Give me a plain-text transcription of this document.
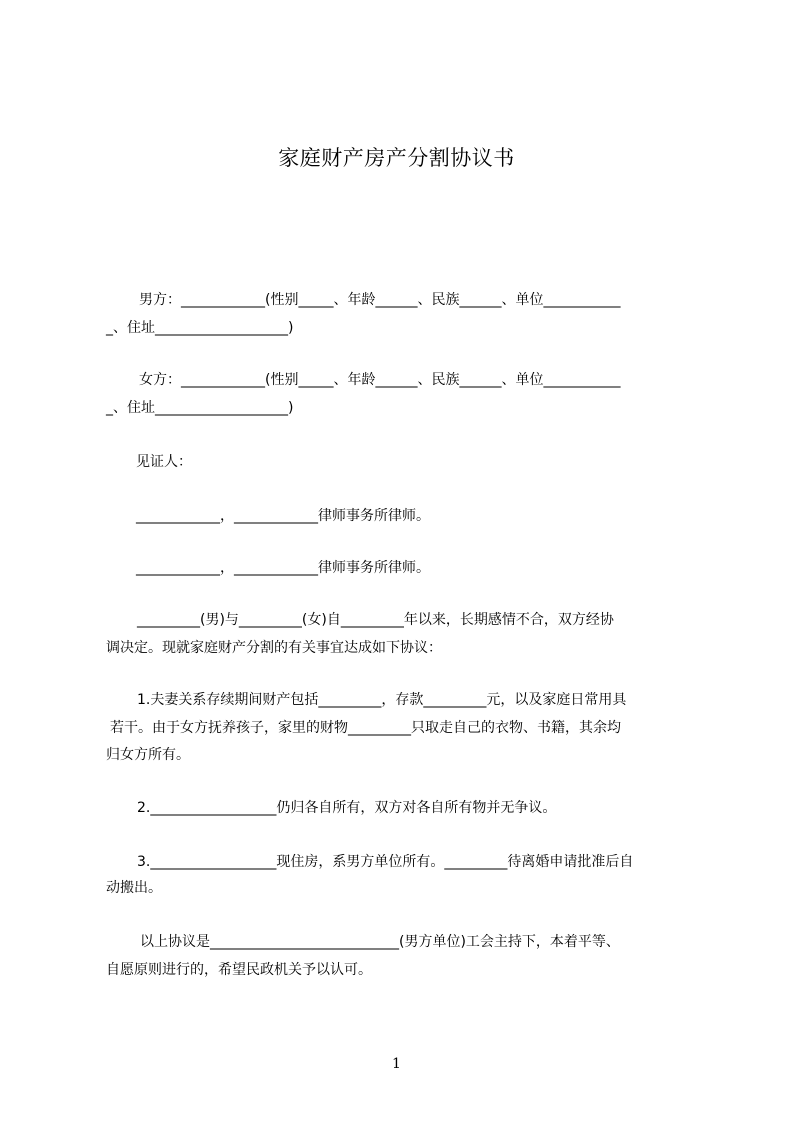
家庭财产房产分割协议书
男方：____________(性别_____、年龄______、民族______、单位___________
_、住址___________________)
女方：____________(性别_____、年龄______、民族______、单位___________
_、住址___________________)
见证人：
____________，____________律师事务所律师。
____________，____________律师事务所律师。
_________(男)与_________(女)自_________年以来，长期感情不合，双方经协
调决定。现就家庭财产分割的有关事宜达成如下协议：
1.夫妻关系存续期间财产包括_________，存款_________元，以及家庭日常用具
若干。由于女方抚养孩子，家里的财物_________只取走自己的衣物、书籍，其余均
归女方所有。
2.__________________仍归各自所有，双方对各自所有物并无争议。
3.__________________现住房，系男方单位所有。_________待离婚申请批准后自
动搬出。
以上协议是___________________________(男方单位)工会主持下，本着平等、
自愿原则进行的，希望民政机关予以认可。
1
